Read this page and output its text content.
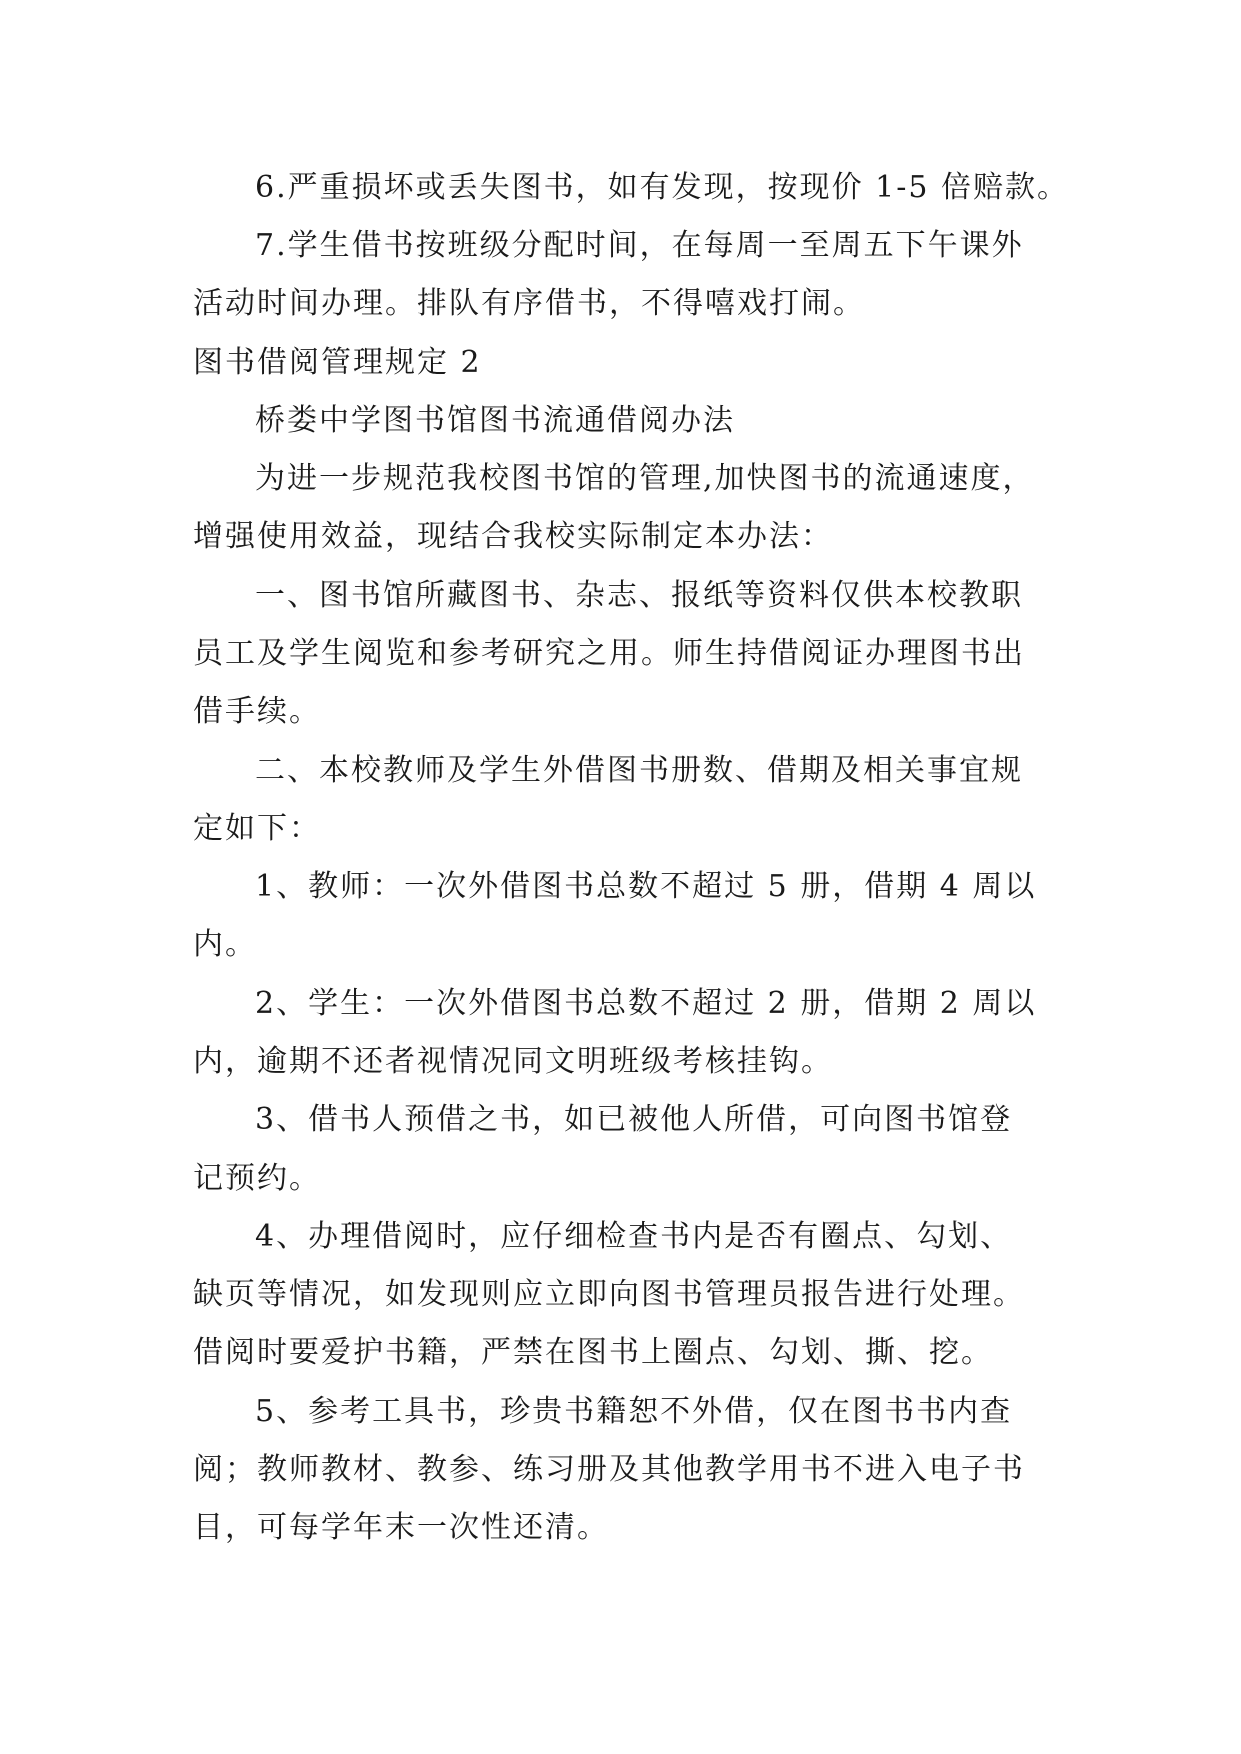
6.严重损坏或丢失图书，如有发现，按现价 1-5 倍赔款。
7.学生借书按班级分配时间，在每周一至周五下午课外
活动时间办理。排队有序借书，不得嘻戏打闹。
图书借阅管理规定 2
桥娄中学图书馆图书流通借阅办法
为进一步规范我校图书馆的管理,加快图书的流通速度，
增强使用效益，现结合我校实际制定本办法：
一、图书馆所藏图书、杂志、报纸等资料仅供本校教职
员工及学生阅览和参考研究之用。师生持借阅证办理图书出
借手续。
二、本校教师及学生外借图书册数、借期及相关事宜规
定如下：
1、教师：一次外借图书总数不超过 5 册，借期 4 周以
内。
2、学生：一次外借图书总数不超过 2 册，借期 2 周以
内，逾期不还者视情况同文明班级考核挂钩。
3、借书人预借之书，如已被他人所借，可向图书馆登
记预约。
4、办理借阅时，应仔细检查书内是否有圈点、勾划、
缺页等情况，如发现则应立即向图书管理员报告进行处理。
借阅时要爱护书籍，严禁在图书上圈点、勾划、撕、挖。
5、参考工具书，珍贵书籍恕不外借，仅在图书书内查
阅；教师教材、教参、练习册及其他教学用书不进入电子书
目，可每学年末一次性还清。
